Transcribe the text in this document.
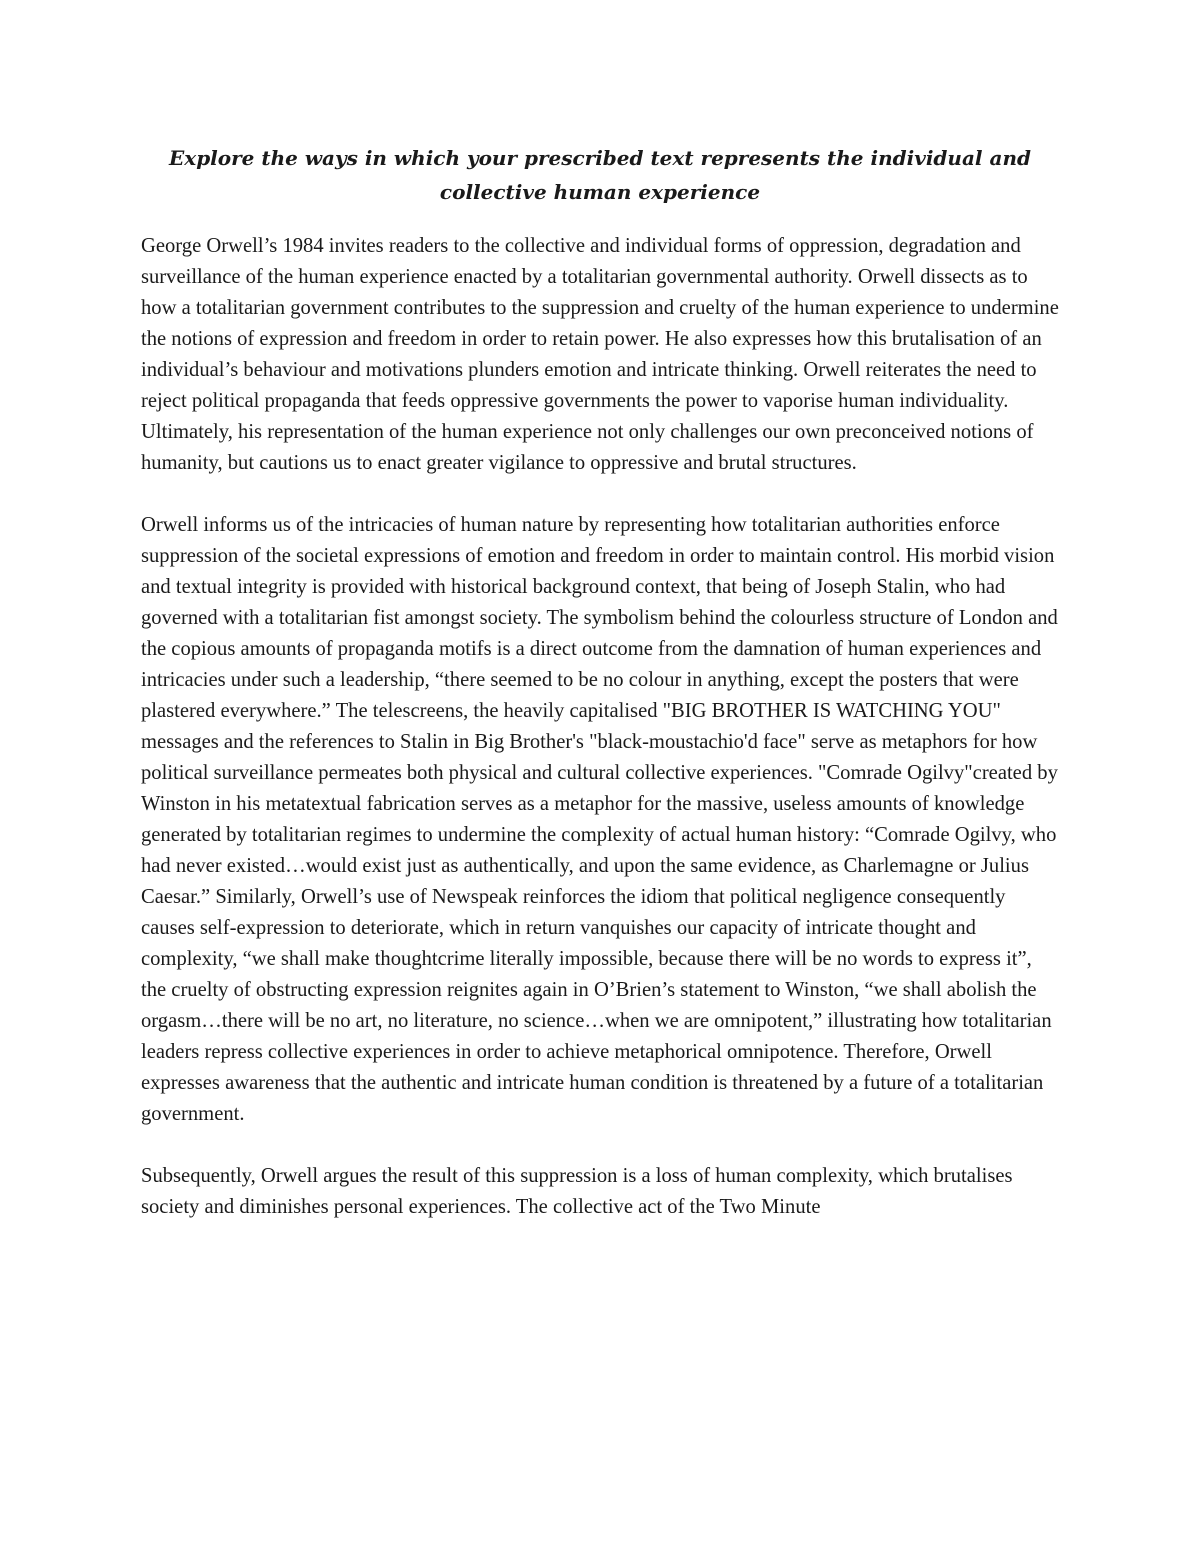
Explore the ways in which your prescribed text represents the individual and collective human experience

George Orwell’s 1984 invites readers to the collective and individual forms of oppression, degradation and surveillance of the human experience enacted by a totalitarian governmental authority. Orwell dissects as to how a totalitarian government contributes to the suppression and cruelty of the human experience to undermine the notions of expression and freedom in order to retain power. He also expresses how this brutalisation of an individual’s behaviour and motivations plunders emotion and intricate thinking. Orwell reiterates the need to reject political propaganda that feeds oppressive governments the power to vaporise human individuality. Ultimately, his representation of the human experience not only challenges our own preconceived notions of humanity, but cautions us to enact greater vigilance to oppressive and brutal structures.

Orwell informs us of the intricacies of human nature by representing how totalitarian authorities enforce suppression of the societal expressions of emotion and freedom in order to maintain control. His morbid vision and textual integrity is provided with historical background context, that being of Joseph Stalin, who had governed with a totalitarian fist amongst society. The symbolism behind the colourless structure of London and the copious amounts of propaganda motifs is a direct outcome from the damnation of human experiences and intricacies under such a leadership, “there seemed to be no colour in anything, except the posters that were plastered everywhere.” The telescreens, the heavily capitalised "BIG BROTHER IS WATCHING YOU" messages and the references to Stalin in Big Brother's "black-moustachio'd face" serve as metaphors for how political surveillance permeates both physical and cultural collective experiences. "Comrade Ogilvy"created by Winston in his metatextual fabrication serves as a metaphor for the massive, useless amounts of knowledge generated by totalitarian regimes to undermine the complexity of actual human history: “Comrade Ogilvy, who had never existed…would exist just as authentically, and upon the same evidence, as Charlemagne or Julius Caesar.” Similarly, Orwell’s use of Newspeak reinforces the idiom that political negligence consequently causes self-expression to deteriorate, which in return vanquishes our capacity of intricate thought and complexity, “we shall make thoughtcrime literally impossible, because there will be no words to express it”, the cruelty of obstructing expression reignites again in O’Brien’s statement to Winston, “we shall abolish the orgasm…there will be no art, no literature, no science…when we are omnipotent,” illustrating how totalitarian leaders repress collective experiences in order to achieve metaphorical omnipotence. Therefore, Orwell expresses awareness that the authentic and intricate human condition is threatened by a future of a totalitarian government.

Subsequently, Orwell argues the result of this suppression is a loss of human complexity, which brutalises society and diminishes personal experiences. The collective act of the Two Minute
